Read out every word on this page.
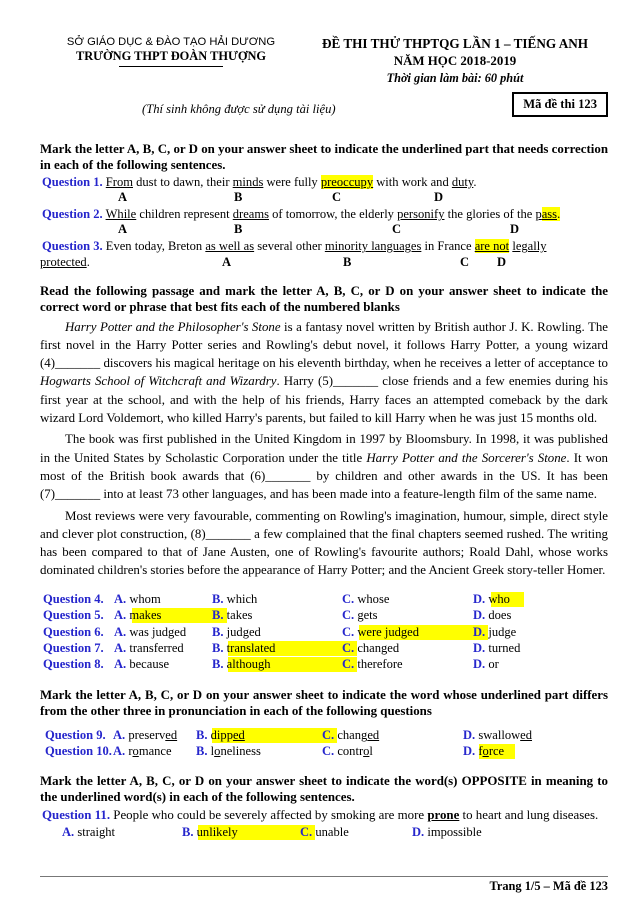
SỞ GIÁO DỤC & ĐÀO TẠO HẢI DƯƠNG
TRƯỜNG THPT ĐOÀN THƯỢNG
ĐỀ THI THỬ THPTQG LẦN 1 – TIẾNG ANH
NĂM HỌC 2018-2019
Thời gian làm bài: 60 phút
(Thí sinh không được sử dụng tài liệu)	Mã đề thi 123

Mark the letter A, B, C, or D on your answer sheet to indicate the underlined part that needs correction in each of the following sentences.

Question 1. From dust to dawn, their minds were fully preoccupy with work and duty.
A	B	C	D
Question 2. While children represent dreams of tomorrow, the elderly personify the glories of the pass.
A	B	C	D
Question 3. Even today, Breton as well as several other minority languages in France are not legally
protected.	A	B	C D

Read the following passage and mark the letter A, B, C, or D on your answer sheet to indicate the correct word or phrase that best fits each of the numbered blanks

Harry Potter and the Philosopher's Stone is a fantasy novel written by British author J. K. Rowling. The first novel in the Harry Potter series and Rowling's debut novel, it follows Harry Potter, a young wizard (4)_______ discovers his magical heritage on his eleventh birthday, when he receives a letter of acceptance to Hogwarts School of Witchcraft and Wizardry. Harry (5)_______ close friends and a few enemies during his first year at the school, and with the help of his friends, Harry faces an attempted comeback by the dark wizard Lord Voldemort, who killed Harry's parents, but failed to kill Harry when he was just 15 months old.

The book was first published in the United Kingdom in 1997 by Bloomsbury. In 1998, it was published in the United States by Scholastic Corporation under the title Harry Potter and the Sorcerer's Stone. It won most of the British book awards that (6)_______ by children and other awards in the US. It has been (7)_______ into at least 73 other languages, and has been made into a feature-length film of the same name.

Most reviews were very favourable, commenting on Rowling's imagination, humour, simple, direct style and clever plot construction, (8)_______ a few complained that the final chapters seemed rushed. The writing has been compared to that of Jane Austen, one of Rowling's favourite authors; Roald Dahl, whose works dominated children's stories before the appearance of Harry Potter; and the Ancient Greek story-teller Homer.

Question 4. A. whom	B. which	C. whose	D. who
Question 5. A. makes	B. takes	C. gets	D. does
Question 6. A. was judged B. judged	C. were judged	D. judge
Question 7. A. transferred B. translated	C. changed	D. turned
Question 8. A. because	B. although	C. therefore	D. or

Mark the letter A, B, C, or D on your answer sheet to indicate the word whose underlined part differs from the other three in pronunciation in each of the following questions

Question 9. A. preserved B. dipped	C. changed	D. swallowed
Question 10. A. romance B. loneliness	C. control	D. force

Mark the letter A, B, C, or D on your answer sheet to indicate the word(s) OPPOSITE in meaning to the underlined word(s) in each of the following sentences.

Question 11. People who could be severely affected by smoking are more prone to heart and lung diseases.
A. straight	B. unlikely	C. unable	D. impossible
Trang 1/5 – Mã đề 123
